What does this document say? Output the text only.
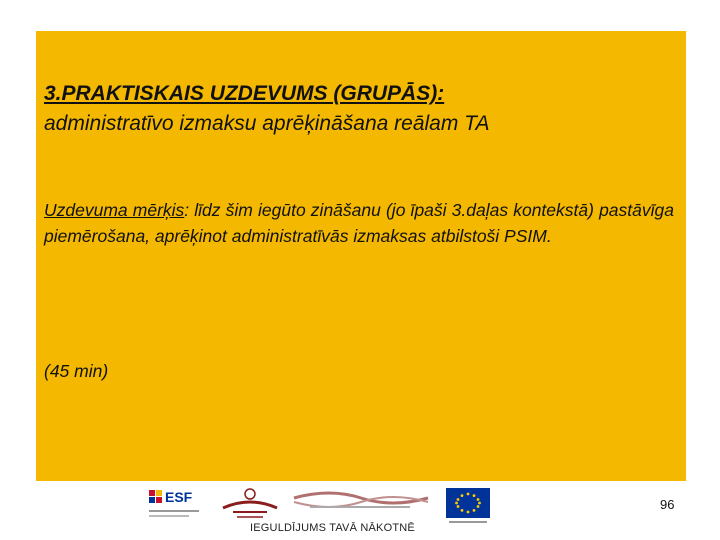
3.PRAKTISKAIS UZDEVUMS (GRUPĀS):
administratīvo izmaksu aprēķināšana reālam TA
Uzdevuma mērķis: līdz šim iegūto zināšanu (jo īpaši 3.daļas kontekstā) pastāvīga piemērošana, aprēķinot administratīvās izmaksas atbilstoši PSIM.
(45 min)
ESF	96
IEGULDĪJUMS TAVĀ NĀKOTNĒ
